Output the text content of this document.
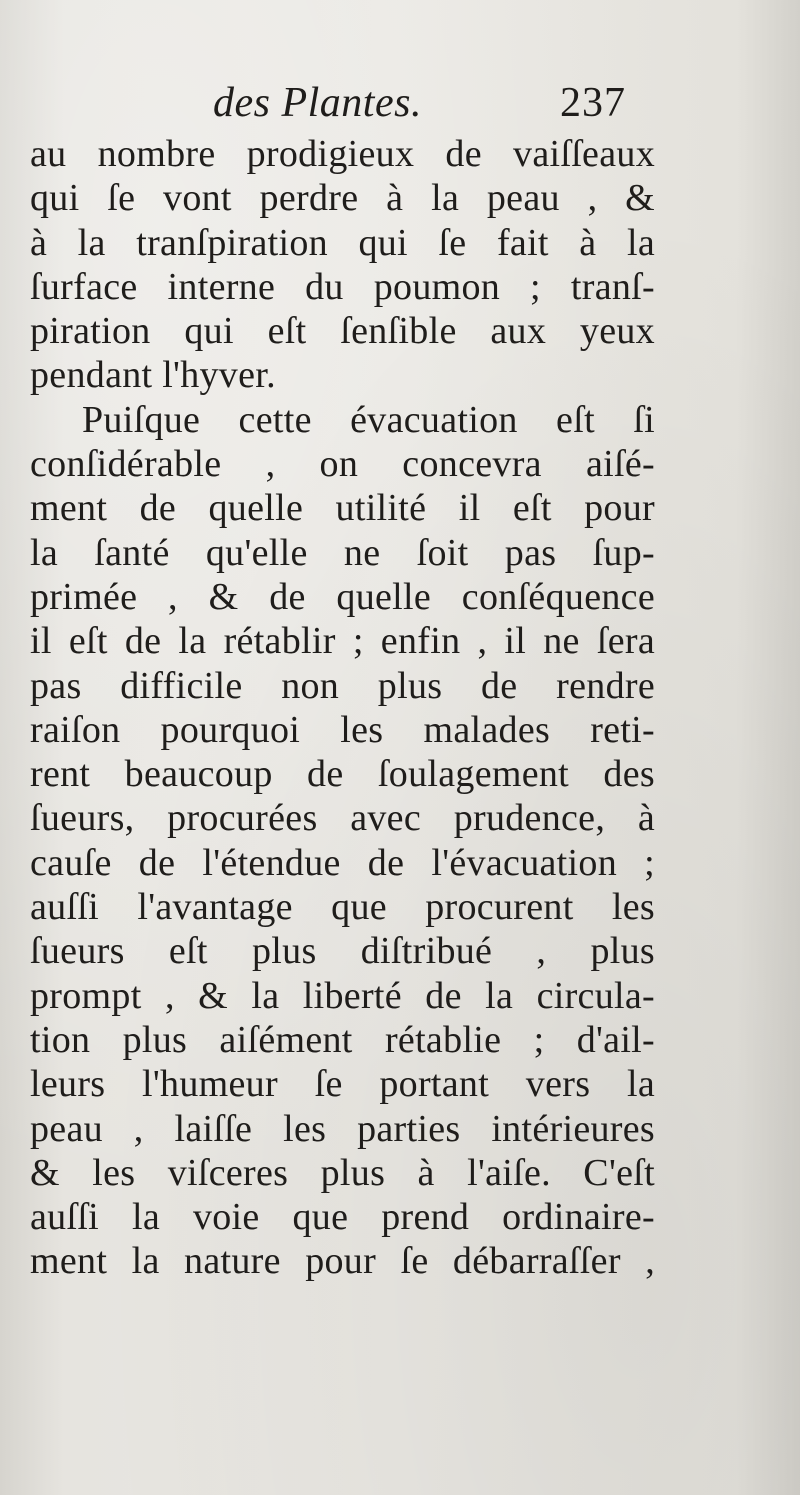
des Plantes.	237
au nombre prodigieux de vaiſſeaux
qui ſe vont perdre à la peau , &
à la tranſpiration qui ſe fait à la
ſurface interne du poumon ; tranſ-
piration qui eſt ſenſible aux yeux
pendant l'hyver.
Puiſque cette évacuation eſt ſi
conſidérable , on concevra aiſé-
ment de quelle utilité il eſt pour
la ſanté qu'elle ne ſoit pas ſup-
primée , & de quelle conſéquence
il eſt de la rétablir ; enfin , il ne ſera
pas difficile non plus de rendre
raiſon pourquoi les malades reti-
rent beaucoup de ſoulagement des
ſueurs, procurées avec prudence, à
cauſe de l'étendue de l'évacuation ;
auſſi l'avantage que procurent les
ſueurs eſt plus diſtribué , plus
prompt , & la liberté de la circula-
tion plus aiſément rétablie ; d'ail-
leurs l'humeur ſe portant vers la
peau , laiſſe les parties intérieures
& les viſceres plus à l'aiſe. C'eſt
auſſi la voie que prend ordinaire-
ment la nature pour ſe débarraſſer ,
